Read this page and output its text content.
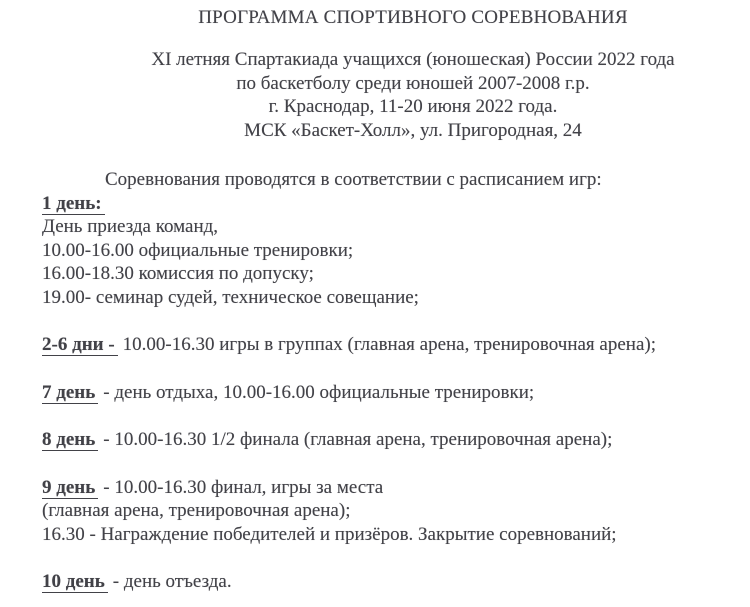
ПРОГРАММА СПОРТИВНОГО СОРЕВНОВАНИЯ
XI летняя Спартакиада учащихся (юношеская) России 2022 года
по баскетболу среди юношей 2007-2008 г.р.
г. Краснодар, 11-20 июня 2022 года.
МСК «Баскет-Холл», ул. Пригородная, 24

Соревнования проводятся в соответствии с расписанием игр:

1 день:
День приезда команд,
10.00-16.00 официальные тренировки;
16.00-18.30 комиссия по допуску;
19.00- семинар судей, техническое совещание;
2-6 дни - 10.00-16.30 игры в группах (главная арена, тренировочная арена);
7 день - день отдыха, 10.00-16.00 официальные тренировки;
8 день - 10.00-16.30 1/2 финала (главная арена, тренировочная арена);
9 день - 10.00-16.30 финал, игры за места
(главная арена, тренировочная арена);
16.30 - Награждение победителей и призёров. Закрытие соревнований;
10 день - день отъезда.
